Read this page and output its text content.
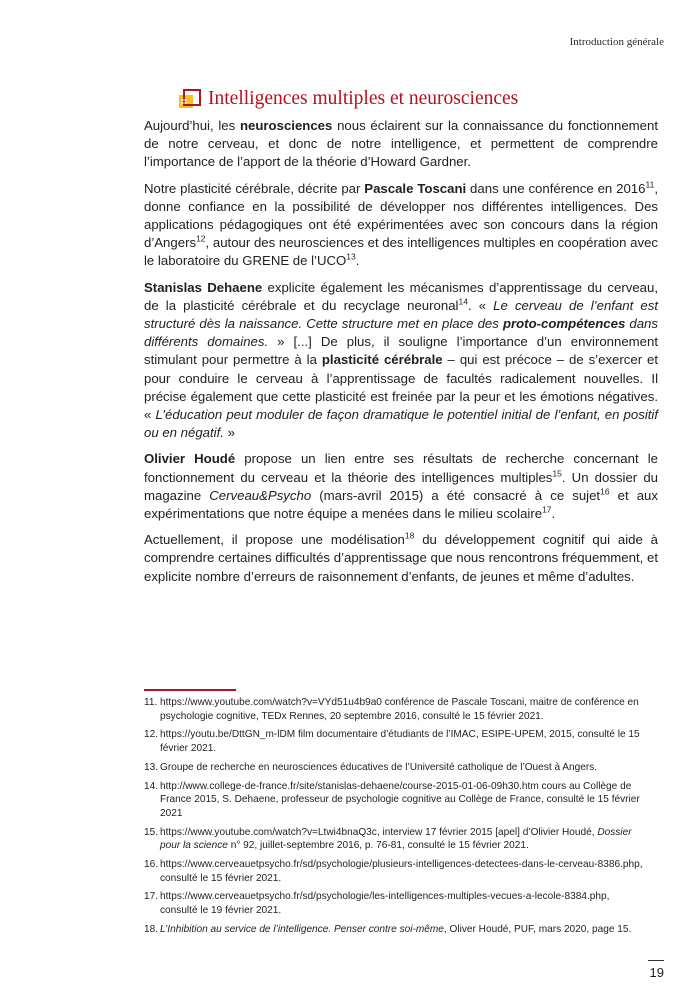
Introduction générale
Intelligences multiples et neurosciences

Aujourd’hui, les neurosciences nous éclairent sur la connaissance du fonctionnement de notre cerveau, et donc de notre intelligence, et permettent de comprendre l’importance de l’apport de la théorie d’Howard Gardner.

Notre plasticité cérébrale, décrite par Pascale Toscani dans une conférence en 2016$^{11}$, donne confiance en la possibilité de développer nos différentes intelligences. Des applications pédagogiques ont été expérimentées avec son concours dans la région d’Angers$^{12}$, autour des neurosciences et des intelligences multiples en coopération avec le laboratoire du GRENE de l’UCO$^{13}$.

Stanislas Dehaene explicite également les mécanismes d’apprentissage du cerveau, de la plasticité cérébrale et du recyclage neuronal$^{14}$. « Le cerveau de l’enfant est structuré dès la naissance. Cette structure met en place des proto-compétences dans différents domaines. » [...] De plus, il souligne l’importance d’un environnement stimulant pour permettre à la plasticité cérébrale – qui est précoce – de s’exercer et pour conduire le cerveau à l’apprentissage de facultés radicalement nouvelles. Il précise également que cette plasticité est freinée par la peur et les émotions négatives. « L’éducation peut moduler de façon dramatique le potentiel initial de l’enfant, en positif ou en négatif. »

Olivier Houdé propose un lien entre ses résultats de recherche concernant le fonctionnement du cerveau et la théorie des intelligences multiples$^{15}$. Un dossier du magazine Cerveau&Psycho (mars-avril 2015) a été consacré à ce sujet$^{16}$ et aux expérimentations que notre équipe a menées dans le milieu scolaire$^{17}$.

Actuellement, il propose une modélisation$^{18}$ du développement cognitif qui aide à comprendre certaines difficultés d’apprentissage que nous rencontrons fréquemment, et explicite nombre d’erreurs de raisonnement d’enfants, de jeunes et même d’adultes.

11. https://www.youtube.com/watch?v=VYd51u4b9a0 conférence de Pascale Toscani, maitre de conférence en psychologie cognitive, TEDx Rennes, 20 septembre 2016, consulté le 15 février 2021.
12. https://youtu.be/DttGN_m-lDM film documentaire d’étudiants de l’IMAC, ESIPE-UPEM, 2015, consulté le 15 février 2021.
13. Groupe de recherche en neurosciences éducatives de l’Université catholique de l’Ouest à Angers.
14. http://www.college-de-france.fr/site/stanislas-dehaene/course-2015-01-06-09h30.htm cours au Collège de France 2015, S. Dehaene, professeur de psychologie cognitive au Collège de France, consulté le 15 février 2021
15. https://www.youtube.com/watch?v=Ltwi4bnaQ3c, interview 17 février 2015 [apel] d’Olivier Houdé, Dossier pour la science n° 92, juillet-septembre 2016, p. 76-81, consulté le 15 février 2021.
16. https://www.cerveauetpsycho.fr/sd/psychologie/plusieurs-intelligences-detectees-dans-le-cerveau-8386.php, consulté le 15 février 2021.
17. https://www.cerveauetpsycho.fr/sd/psychologie/les-intelligences-multiples-vecues-a-lecole-8384.php, consulté le 19 février 2021.
18. L’Inhibition au service de l’intelligence. Penser contre soi-même, Oliver Houdé, PUF, mars 2020, page 15.
19
